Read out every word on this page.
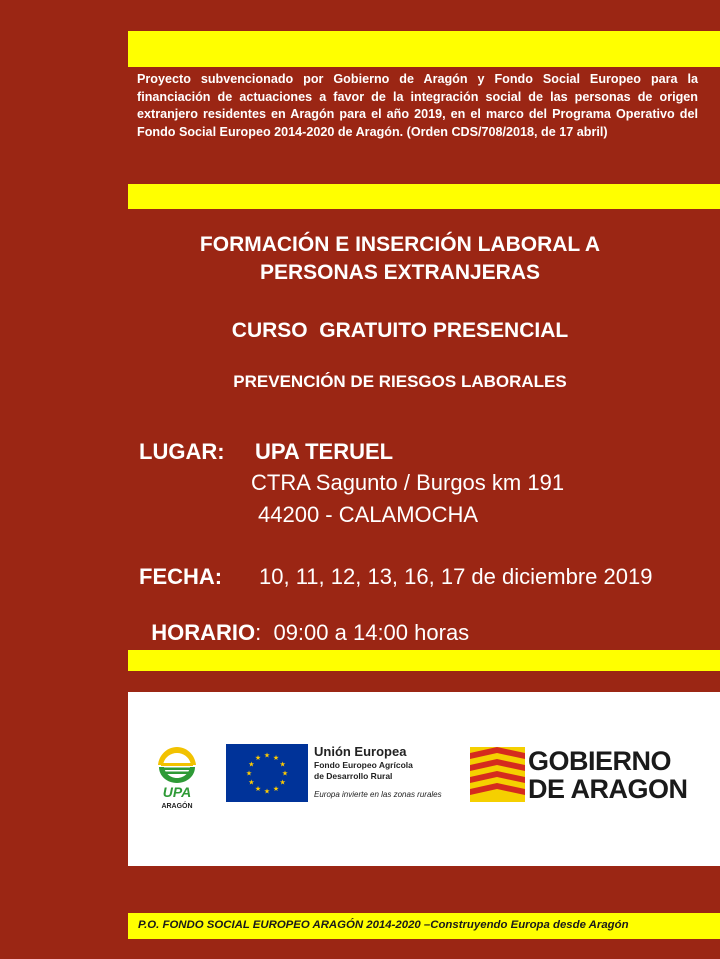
Proyecto subvencionado por Gobierno de Aragón y Fondo Social Europeo para la financiación de actuaciones a favor de la integración social de las personas de origen extranjero residentes en Aragón para el año 2019, en el marco del Programa Operativo del Fondo Social Europeo 2014-2020 de Aragón. (Orden CDS/708/2018, de 17 abril)
FORMACIÓN E INSERCIÓN LABORAL A
PERSONAS EXTRANJERAS
CURSO  GRATUITO PRESENCIAL
PREVENCIÓN DE RIESGOS LABORALES
LUGAR: UPA TERUEL
CTRA Sagunto / Burgos km 191
44200 - CALAMOCHA
FECHA: 10, 11, 12, 13, 16, 17 de diciembre 2019

HORARIO:  09:00 a 14:00 horas

UPA
ARAGÓN
★
★
★
★
★
★
★
★
★ ★ ★
★
Unión Europea
Fondo Europeo Agrícola
de Desarrollo Rural
Europa invierte en las zonas rurales
GOBIERNO
DE ARAGON
P.O. FONDO SOCIAL EUROPEO ARAGÓN 2014-2020 –Construyendo Europa desde Aragón
